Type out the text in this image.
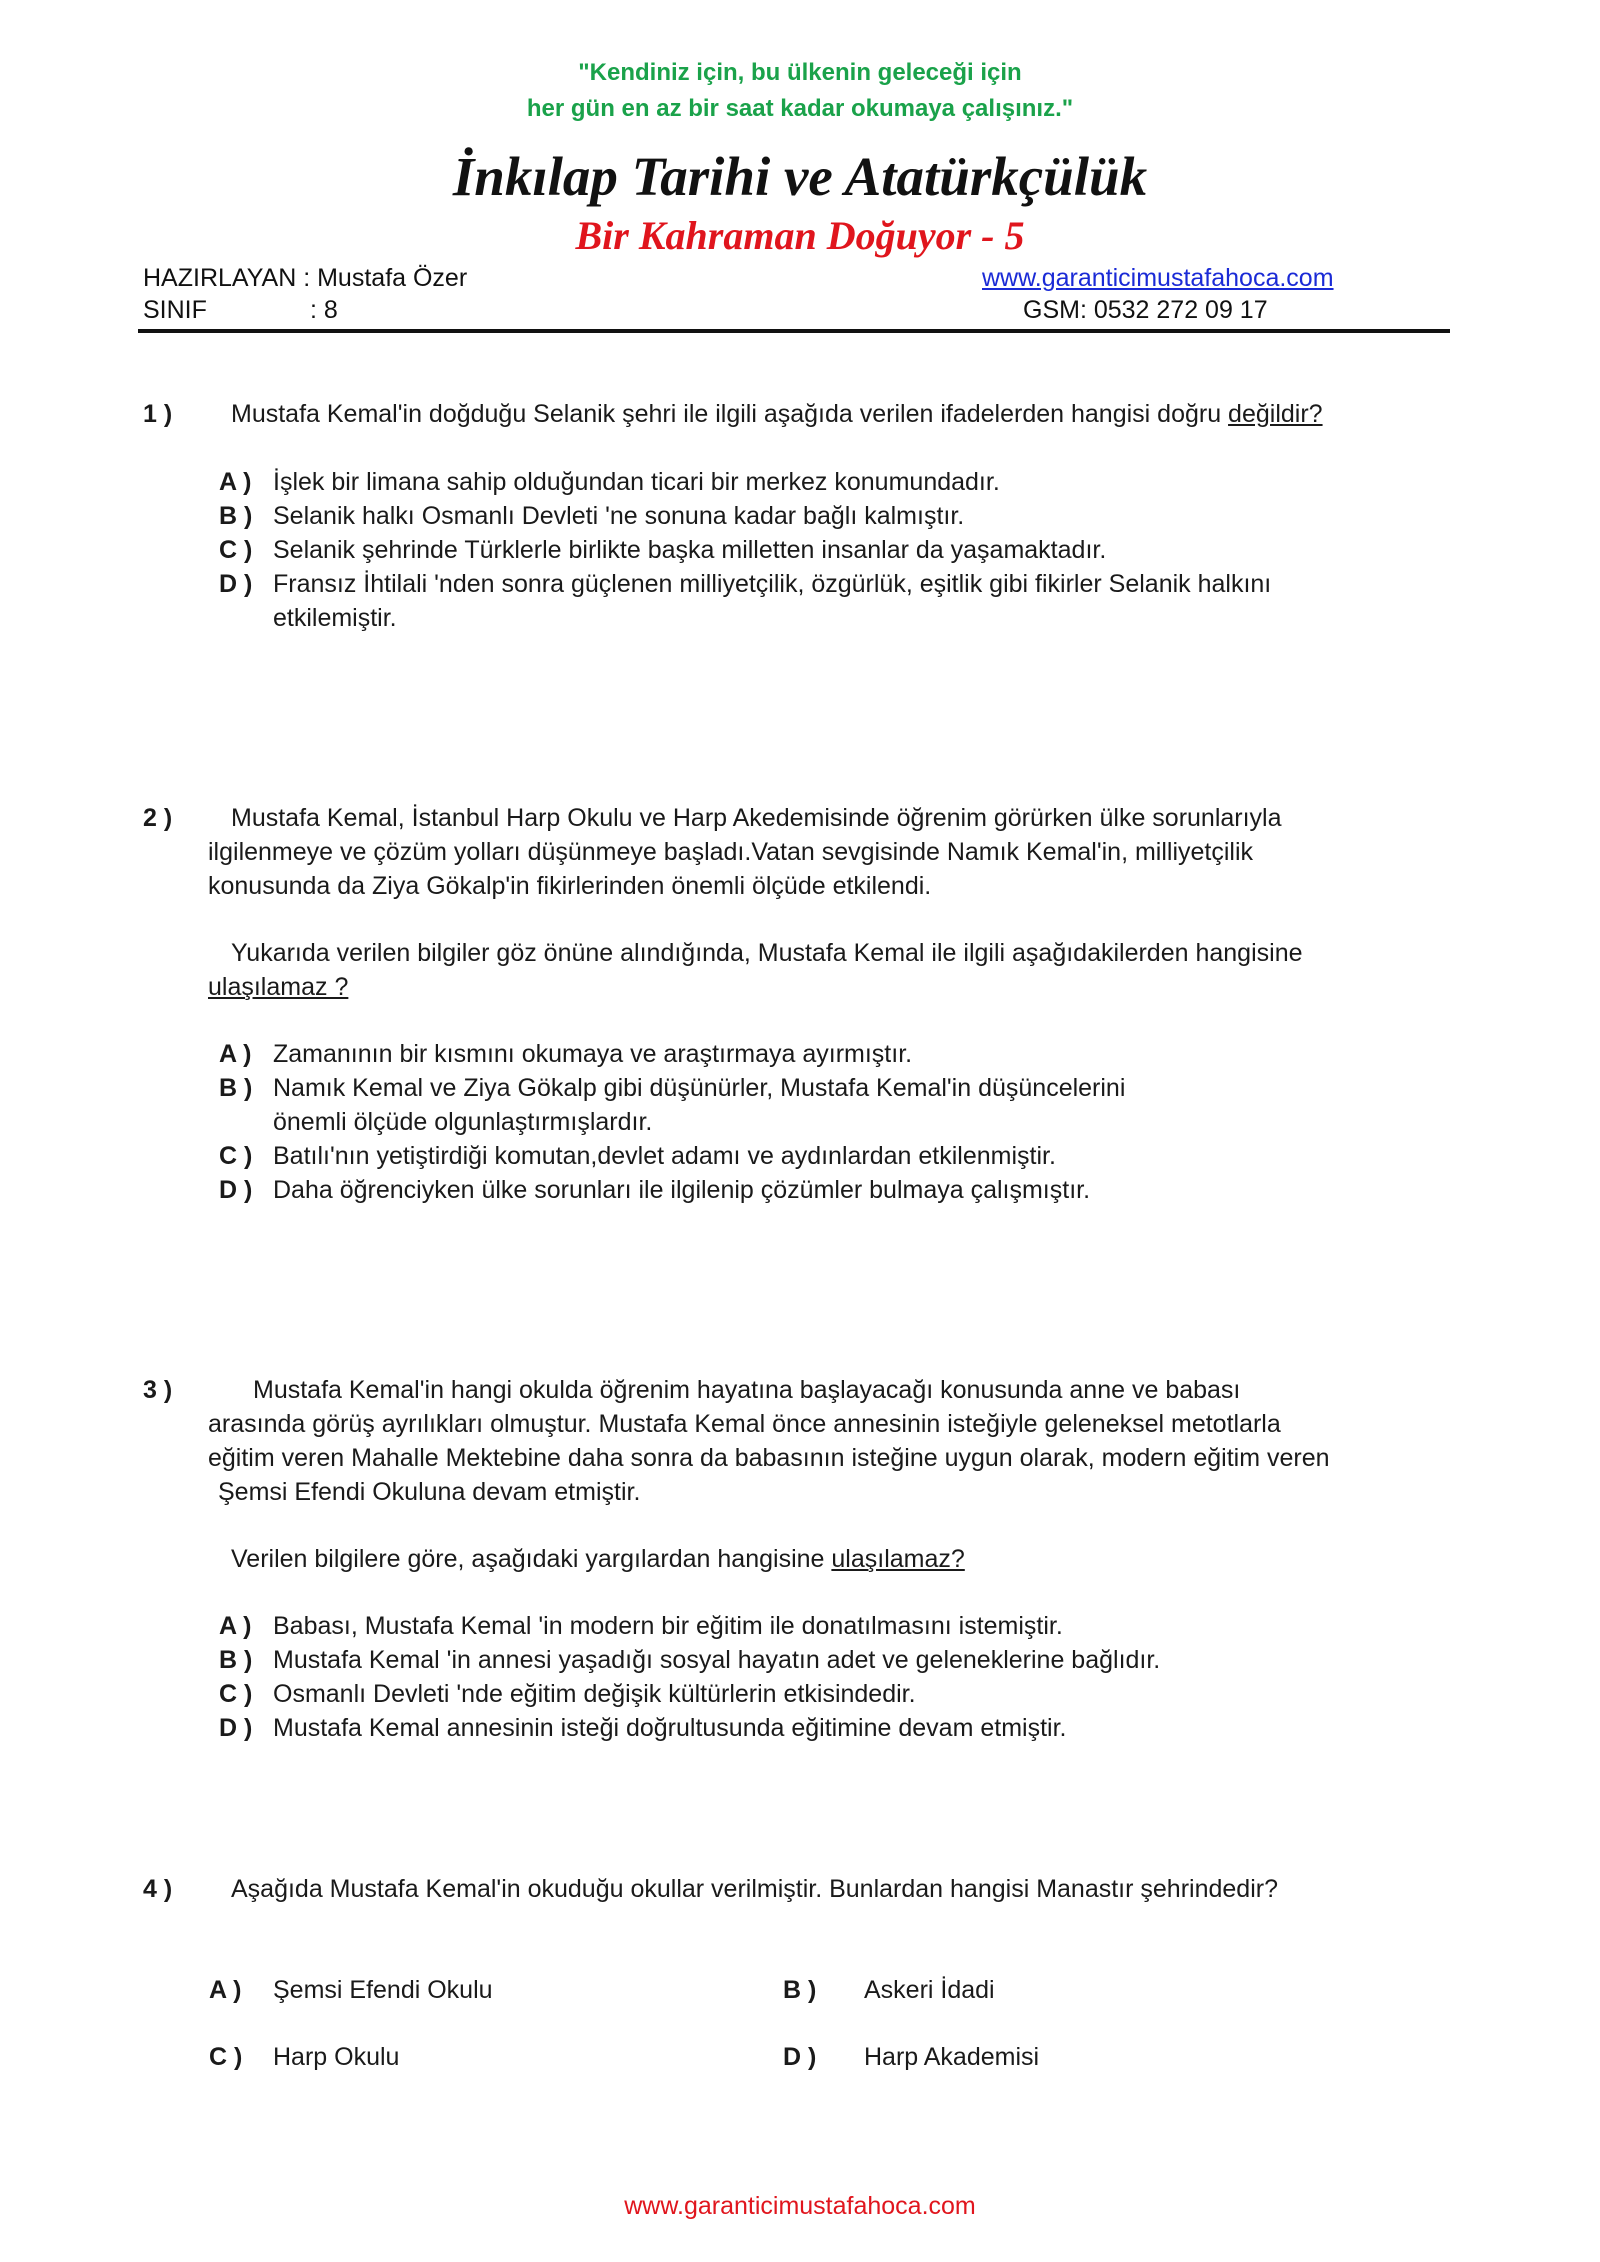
"Kendiniz için, bu ülkenin geleceği için
her gün en az bir saat kadar okumaya çalışınız."
İnkılap Tarihi ve Atatürkçülük
Bir Kahraman Doğuyor - 5
HAZIRLAYAN : Mustafa Özer
SINIF	: 8
www.garanticimustafahoca.com
GSM: 0532 272 09 17
1 ) Mustafa Kemal'in doğduğu Selanik şehri ile ilgili aşağıda verilen ifadelerden hangisi doğru değildir?
A ) İşlek bir limana sahip olduğundan ticari bir merkez konumundadır.
B ) Selanik halkı Osmanlı Devleti 'ne sonuna kadar bağlı kalmıştır.
C ) Selanik şehrinde Türklerle birlikte başka milletten insanlar da yaşamaktadır.
D ) Fransız İhtilali 'nden sonra güçlenen milliyetçilik, özgürlük, eşitlik gibi fikirler Selanik halkını
etkilemiştir.
2 ) Mustafa Kemal, İstanbul Harp Okulu ve Harp Akedemisinde öğrenim görürken ülke sorunlarıyla
ilgilenmeye ve çözüm yolları düşünmeye başladı.Vatan sevgisinde Namık Kemal'in, milliyetçilik
konusunda da Ziya Gökalp'in fikirlerinden önemli ölçüde etkilendi.
Yukarıda verilen bilgiler göz önüne alındığında, Mustafa Kemal ile ilgili aşağıdakilerden hangisine
ulaşılamaz ?
A ) Zamanının bir kısmını okumaya ve araştırmaya ayırmıştır.
B ) Namık Kemal ve Ziya Gökalp gibi düşünürler, Mustafa Kemal'in düşüncelerini
önemli ölçüde olgunlaştırmışlardır.
C ) Batılı'nın yetiştirdiği komutan,devlet adamı ve aydınlardan etkilenmiştir.
D ) Daha öğrenciyken ülke sorunları ile ilgilenip çözümler bulmaya çalışmıştır.
3 )	Mustafa Kemal'in hangi okulda öğrenim hayatına başlayacağı konusunda anne ve babası
arasında görüş ayrılıkları olmuştur. Mustafa Kemal önce annesinin isteğiyle geleneksel metotlarla
eğitim veren Mahalle Mektebine daha sonra da babasının isteğine uygun olarak, modern eğitim veren
Şemsi Efendi Okuluna devam etmiştir.
Verilen bilgilere göre, aşağıdaki yargılardan hangisine ulaşılamaz?
A ) Babası, Mustafa Kemal 'in modern bir eğitim ile donatılmasını istemiştir.
B ) Mustafa Kemal 'in annesi yaşadığı sosyal hayatın adet ve geleneklerine bağlıdır.
C ) Osmanlı Devleti 'nde eğitim değişik kültürlerin etkisindedir.
D ) Mustafa Kemal annesinin isteği doğrultusunda eğitimine devam etmiştir.
4 ) Aşağıda Mustafa Kemal'in okuduğu okullar verilmiştir. Bunlardan hangisi Manastır şehrindedir?
A ) Şemsi Efendi Okulu	B ) Askeri İdadi
C ) Harp Okulu	D ) Harp Akademisi
www.garanticimustafahoca.com
